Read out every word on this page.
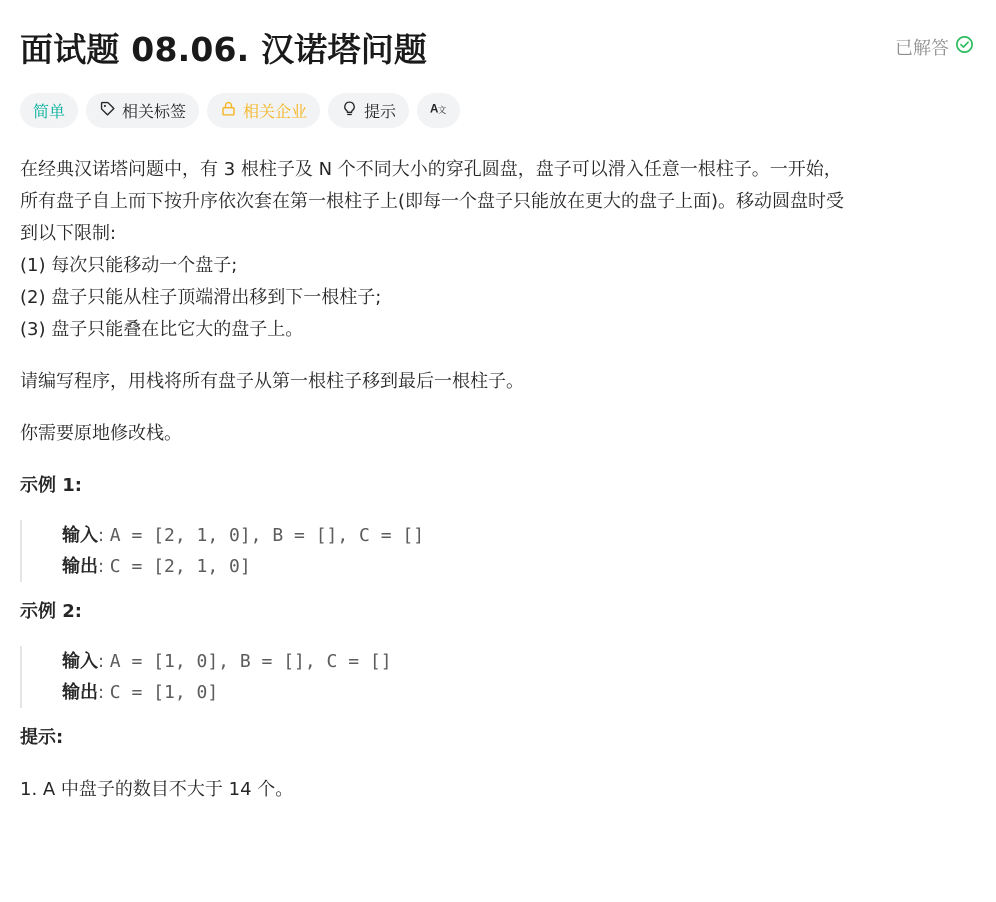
面试题 08.06. 汉诺塔问题	已解答
简单	相关标签	相关企业	提示 A 文

在经典汉诺塔问题中，有 3 根柱子及 N 个不同大小的穿孔圆盘，盘子可以滑入任意一根柱子。一开始，

所有盘子自上而下按升序依次套在第一根柱子上(即每一个盘子只能放在更大的盘子上面)。移动圆盘时受

到以下限制:

(1) 每次只能移动一个盘子;

(2) 盘子只能从柱子顶端滑出移到下一根柱子;

(3) 盘子只能叠在比它大的盘子上。

请编写程序，用栈将所有盘子从第一根柱子移到最后一根柱子。

你需要原地修改栈。

示例 1:

输入: A = [2, 1, 0], B = [], C = []
输出: C = [2, 1, 0]

示例 2:

输入: A = [1, 0], B = [], C = []
输出: C = [1, 0]

提示:

1. A 中盘子的数目不大于 14 个。
